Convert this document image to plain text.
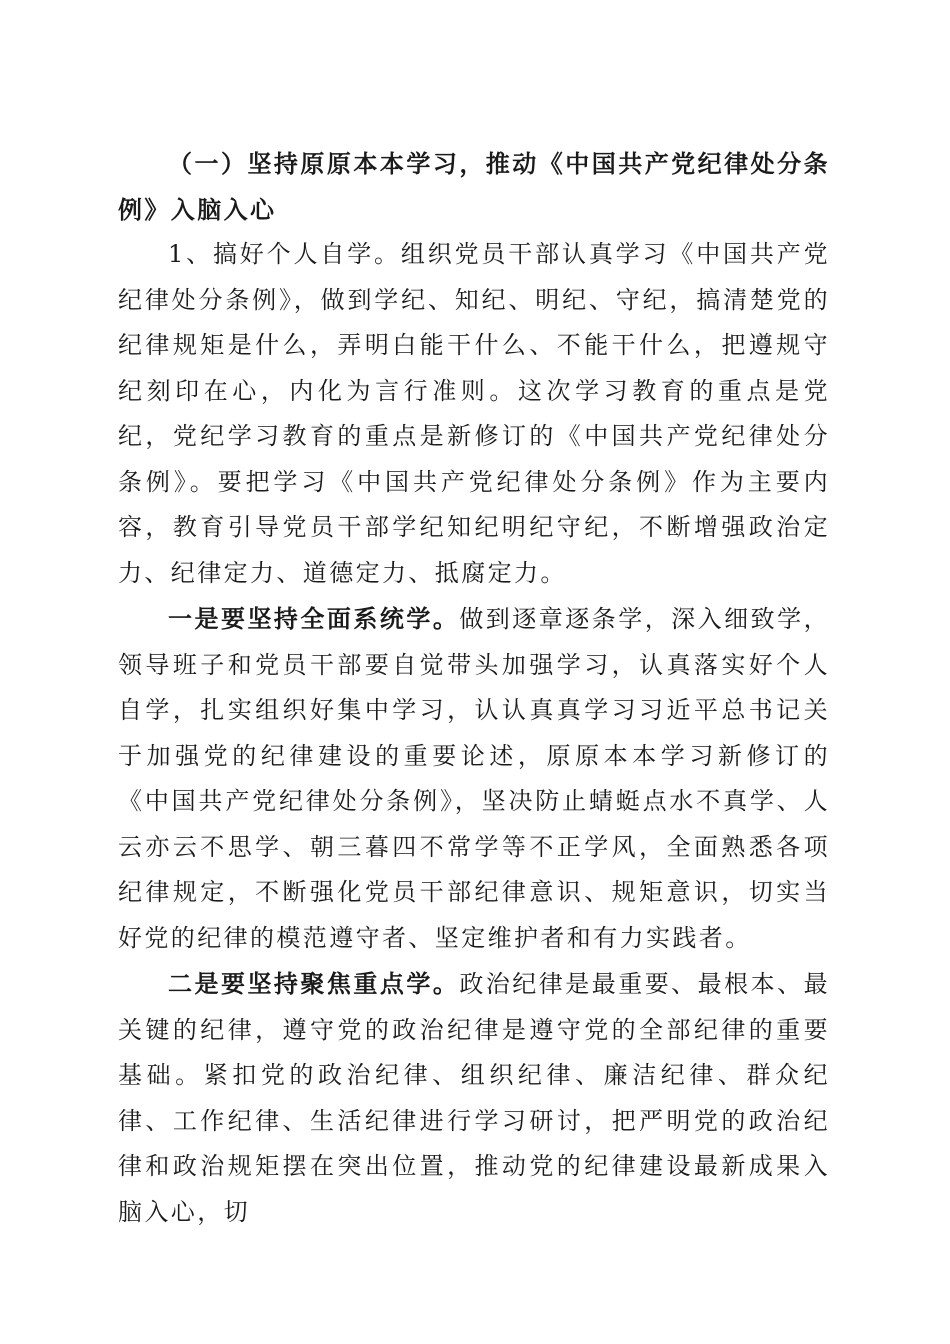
（一）坚持原原本本学习，推动《中国共产党纪律处分条例》入脑入心

1、搞好个人自学。组织党员干部认真学习《中国共产党纪律处分条例》，做到学纪、知纪、明纪、守纪，搞清楚党的纪律规矩是什么，弄明白能干什么、不能干什么，把遵规守纪刻印在心，内化为言行准则。这次学习教育的重点是党纪，党纪学习教育的重点是新修订的《中国共产党纪律处分条例》。要把学习《中国共产党纪律处分条例》作为主要内容，教育引导党员干部学纪知纪明纪守纪，不断增强政治定力、纪律定力、道德定力、抵腐定力。

一是要坚持全面系统学。做到逐章逐条学，深入细致学，领导班子和党员干部要自觉带头加强学习，认真落实好个人自学，扎实组织好集中学习，认认真真学习习近平总书记关于加强党的纪律建设的重要论述，原原本本学习新修订的《中国共产党纪律处分条例》，坚决防止蜻蜓点水不真学、人云亦云不思学、朝三暮四不常学等不正学风，全面熟悉各项纪律规定，不断强化党员干部纪律意识、规矩意识，切实当好党的纪律的模范遵守者、坚定维护者和有力实践者。

二是要坚持聚焦重点学。政治纪律是最重要、最根本、最关键的纪律，遵守党的政治纪律是遵守党的全部纪律的重要基础。紧扣党的政治纪律、组织纪律、廉洁纪律、群众纪律、工作纪律、生活纪律进行学习研讨，把严明党的政治纪律和政治规矩摆在突出位置，推动党的纪律建设最新成果入脑入心，切
